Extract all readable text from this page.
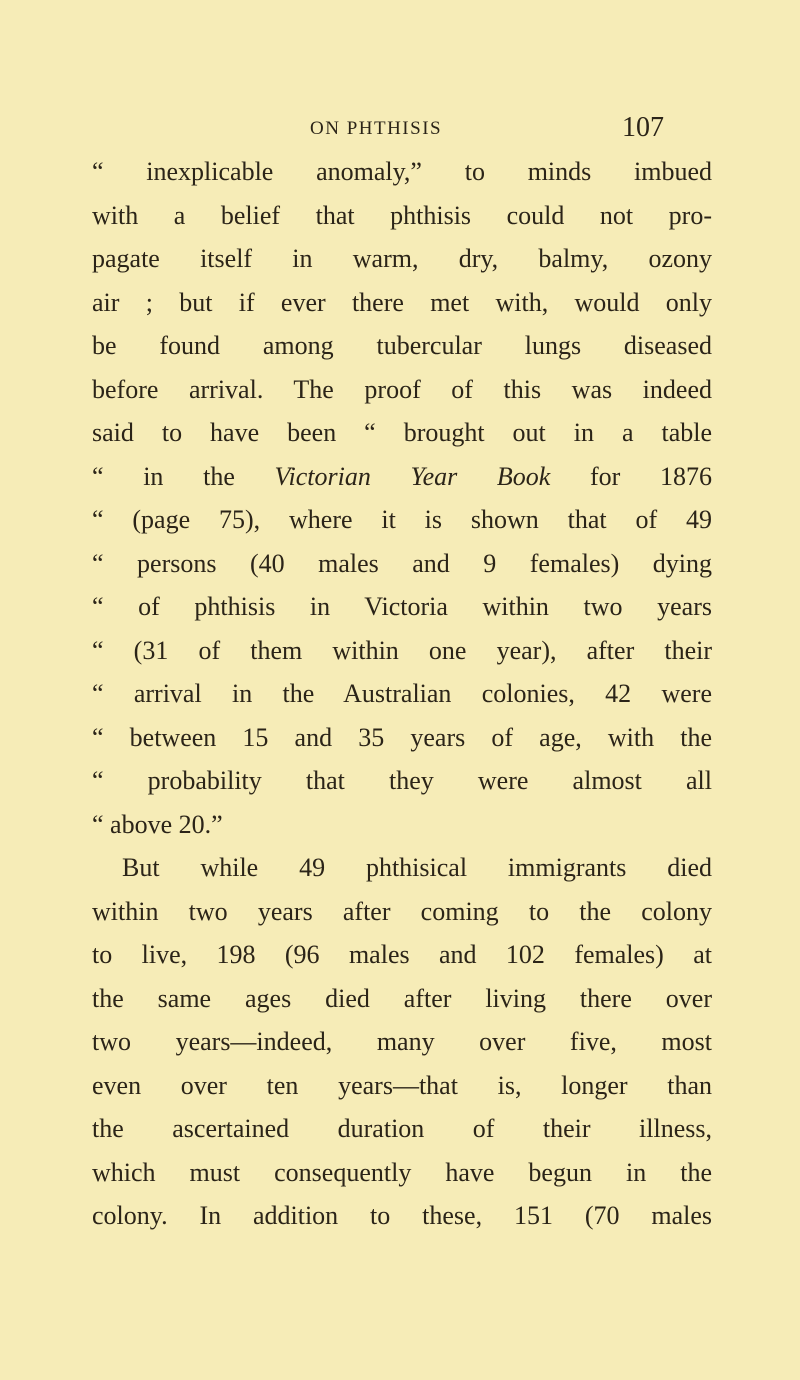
ON PHTHISIS	107
“ inexplicable anomaly,” to minds imbued
with a belief that phthisis could not pro-
pagate itself in warm, dry, balmy, ozony
air ; but if ever there met with, would only
be found among tubercular lungs diseased
before arrival. The proof of this was indeed
said to have been “ brought out in a table
“ in the Victorian Year Book for 1876
“ (page 75), where it is shown that of 49
“ persons (40 males and 9 females) dying
“ of phthisis in Victoria within two years
“ (31 of them within one year), after their
“ arrival in the Australian colonies, 42 were
“ between 15 and 35 years of age, with the
“ probability that they were almost all
“ above 20.”
But while 49 phthisical immigrants died
within two years after coming to the colony
to live, 198 (96 males and 102 females) at
the same ages died after living there over
two years—indeed, many over five, most
even over ten years—that is, longer than
the ascertained duration of their illness,
which must consequently have begun in the
colony. In addition to these, 151 (70 males
